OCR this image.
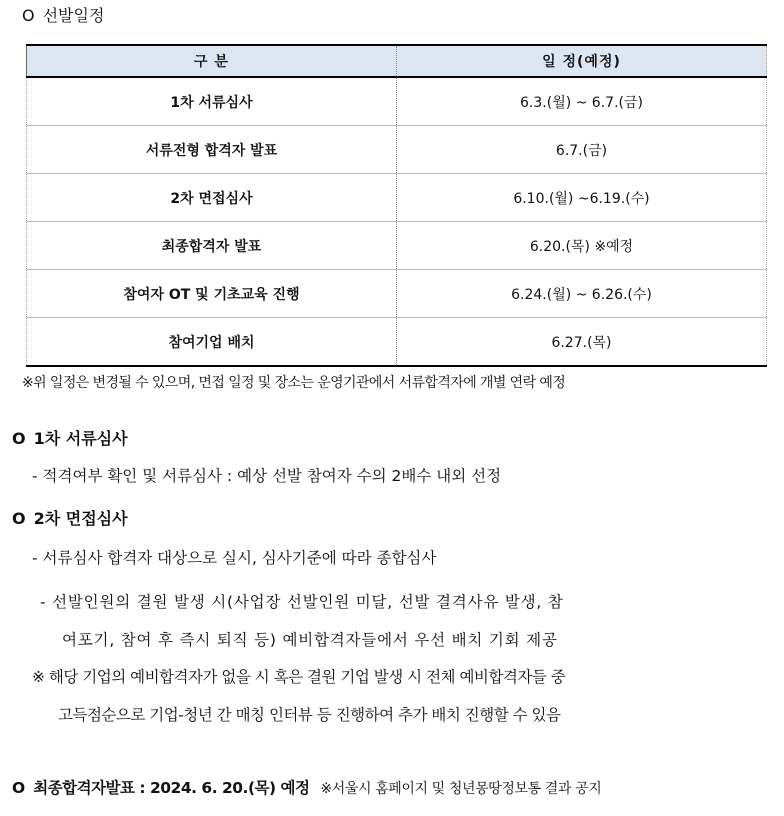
O 선발일정
구 분	일 정(예정)
1차 서류심사	6.3.(월) ~ 6.7.(금)
서류전형 합격자 발표	6.7.(금)
2차 면접심사	6.10.(월) ~6.19.(수)
최종합격자 발표	6.20.(목) ※예정
참여자 OT 및 기초교육 진행	6.24.(월) ~ 6.26.(수)
참여기업 배치	6.27.(목)
※위 일정은 변경될 수 있으며, 면접 일정 및 장소는 운영기관에서 서류합격자에 개별 연락 예정
O 1차 서류심사
- 적격여부 확인 및 서류심사 : 예상 선발 참여자 수의 2배수 내외 선정
O 2차 면접심사
- 서류심사 합격자 대상으로 실시, 심사기준에 따라 종합심사
- 선발인원의 결원 발생 시(사업장 선발인원 미달, 선발 결격사유 발생, 참
여포기, 참여 후 즉시 퇴직 등) 예비합격자들에서 우선 배치 기회 제공
※ 해당 기업의 예비합격자가 없을 시 혹은 결원 기업 발생 시 전체 예비합격자들 중
고득점순으로 기업-청년 간 매칭 인터뷰 등 진행하여 추가 배치 진행할 수 있음
O 최종합격자발표 : 2024. 6. 20.(목) 예정 ※서울시 홈페이지 및 청년몽땅정보통 결과 공지
